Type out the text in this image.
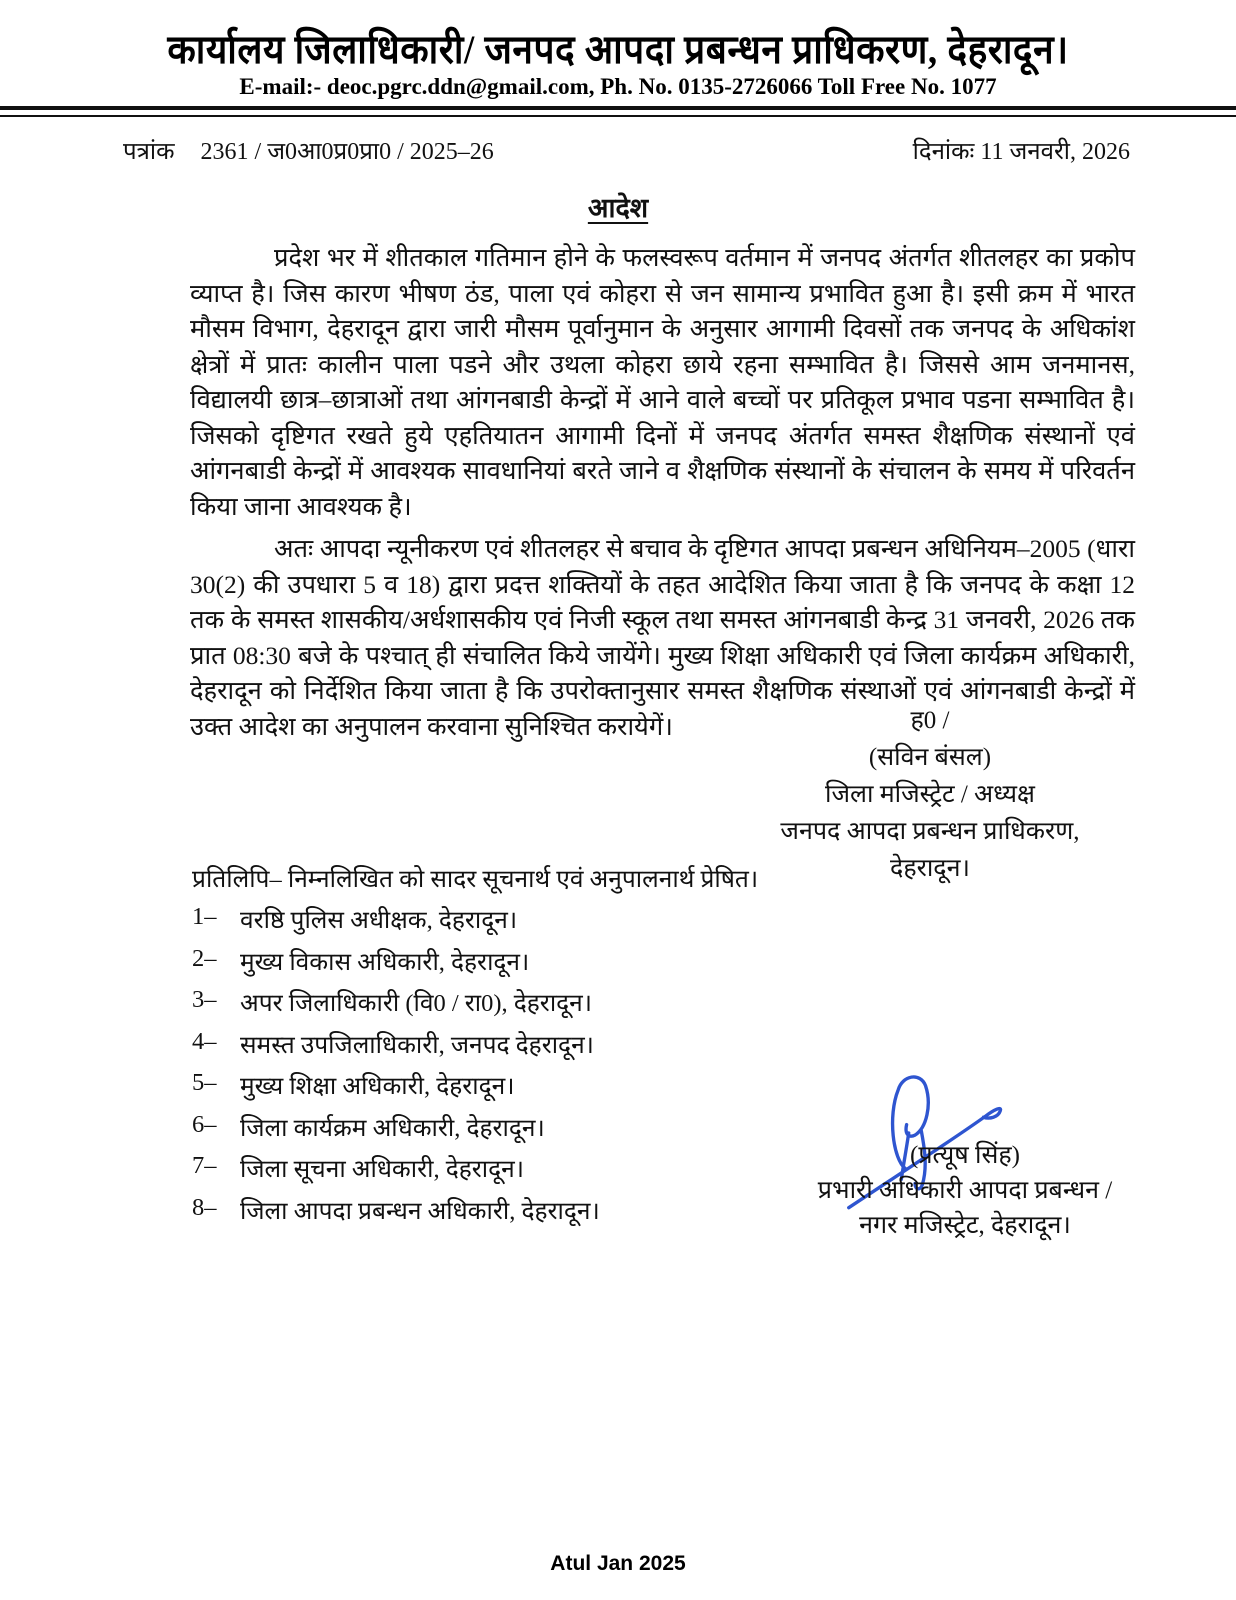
कार्यालय जिलाधिकारी/ जनपद आपदा प्रबन्धन प्राधिकरण, देहरादून।
E-mail:- deoc.pgrc.ddn@gmail.com, Ph. No. 0135-2726066 Toll Free No. 1077
पत्रांक 2361 / ज0आ0प्र0प्रा0 / 2025–26	दिनांकः 11 जनवरी, 2026
आदेश

प्रदेश भर में शीतकाल गतिमान होने के फलस्वरूप वर्तमान में जनपद अंतर्गत शीतलहर का प्रकोप व्याप्त है। जिस कारण भीषण ठंड, पाला एवं कोहरा से जन सामान्य प्रभावित हुआ है। इसी क्रम में भारत मौसम विभाग, देहरादून द्वारा जारी मौसम पूर्वानुमान के अनुसार आगामी दिवसों तक जनपद के अधिकांश क्षेत्रों में प्रातः कालीन पाला पडने और उथला कोहरा छाये रहना सम्भावित है। जिससे आम जनमानस, विद्यालयी छात्र–छात्राओं तथा आंगनबाडी केन्द्रों में आने वाले बच्चों पर प्रतिकूल प्रभाव पडना सम्भावित है। जिसको दृष्टिगत रखते हुये एहतियातन आगामी दिनों में जनपद अंतर्गत समस्त शैक्षणिक संस्थानों एवं आंगनबाडी केन्द्रों में आवश्यक सावधानियां बरते जाने व शैक्षणिक संस्थानों के संचालन के समय में परिवर्तन किया जाना आवश्यक है।

अतः आपदा न्यूनीकरण एवं शीतलहर से बचाव के दृष्टिगत आपदा प्रबन्धन अधिनियम–2005 (धारा 30(2) की उपधारा 5 व 18) द्वारा प्रदत्त शक्तियों के तहत आदेशित किया जाता है कि जनपद के कक्षा 12 तक के समस्त शासकीय/अर्धशासकीय एवं निजी स्कूल तथा समस्त आंगनबाडी केन्द्र 31 जनवरी, 2026 तक प्रात 08:30 बजे के पश्चात् ही संचालित किये जायेंगे। मुख्य शिक्षा अधिकारी एवं जिला कार्यक्रम अधिकारी, देहरादून को निर्देशित किया जाता है कि उपरोक्तानुसार समस्त शैक्षणिक संस्थाओं एवं आंगनबाडी केन्द्रों में उक्त आदेश का अनुपालन करवाना सुनिश्चित करायेगें।	ह0 /
(सविन बंसल)
जिला मजिस्ट्रेट / अध्यक्ष
जनपद आपदा प्रबन्धन प्राधिकरण,
देहरादून।
प्रतिलिपि– निम्नलिखित को सादर सूचनार्थ एवं अनुपालनार्थ प्रेषित।
1– वरष्ठि पुलिस अधीक्षक, देहरादून।
2– मुख्य विकास अधिकारी, देहरादून।
3– अपर जिलाधिकारी (वि0 / रा0), देहरादून।
4– समस्त उपजिलाधिकारी, जनपद देहरादून।
5– मुख्य शिक्षा अधिकारी, देहरादून।
6– जिला कार्यक्रम अधिकारी, देहरादून।
7– जिला सूचना अधिकारी, देहरादून।
8– जिला आपदा प्रबन्धन अधिकारी, देहरादून।
(प्रत्यूष सिंह)
प्रभारी अधिकारी आपदा प्रबन्धन /
नगर मजिस्ट्रेट, देहरादून।
Atul Jan 2025
